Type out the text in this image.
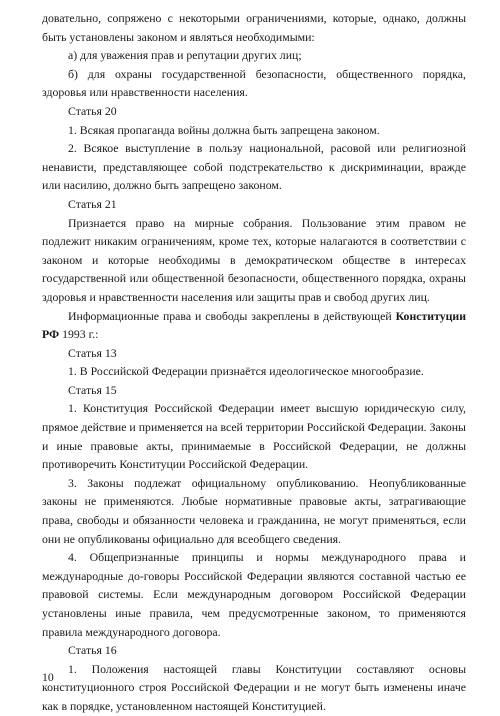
довательно, сопряжено с некоторыми ограничениями, которые, однако, должны быть установлены законом и являться необходимыми:

а) для уважения прав и репутации других лиц;

б) для охраны государственной безопасности, общественного порядка, здоровья или нравственности населения.

Статья 20

1. Всякая пропаганда войны должна быть запрещена законом.

2. Всякое выступление в пользу национальной, расовой или религиозной ненависти, представляющее собой подстрекательство к дискриминации, вражде или насилию, должно быть запрещено законом.

Статья 21

Признается право на мирные собрания. Пользование этим правом не подлежит никаким ограничениям, кроме тех, которые налагаются в соответствии с законом и которые необходимы в демократическом обществе в интересах государственной или общественной безопасности, общественного порядка, охраны здоровья и нравственности населения или защиты прав и свобод других лиц.

Информационные права и свободы закреплены в действующей Конституции РФ 1993 г.:

Статья 13

1. В Российской Федерации признаётся идеологическое многообразие.

Статья 15

1. Конституция Российской Федерации имеет высшую юридическую силу, прямое действие и применяется на всей территории Российской Федерации. Законы и иные правовые акты, принимаемые в Российской Федерации, не должны противоречить Конституции Российской Федерации.

3. Законы подлежат официальному опубликованию. Неопубликованные законы не применяются. Любые нормативные правовые акты, затрагивающие права, свободы и обязанности человека и гражданина, не могут применяться, если они не опубликованы официально для всеобщего сведения.

4. Общепризнанные принципы и нормы международного права и международные до-говоры Российской Федерации являются составной частью ее правовой системы. Если международным договором Российской Федерации установлены иные правила, чем предусмотренные законом, то применяются правила международного договора.

Статья 16

1. Положения настоящей главы Конституции составляют основы конституционного строя Российской Федерации и не могут быть изменены иначе как в порядке, установленном настоящей Конституцией.

10
